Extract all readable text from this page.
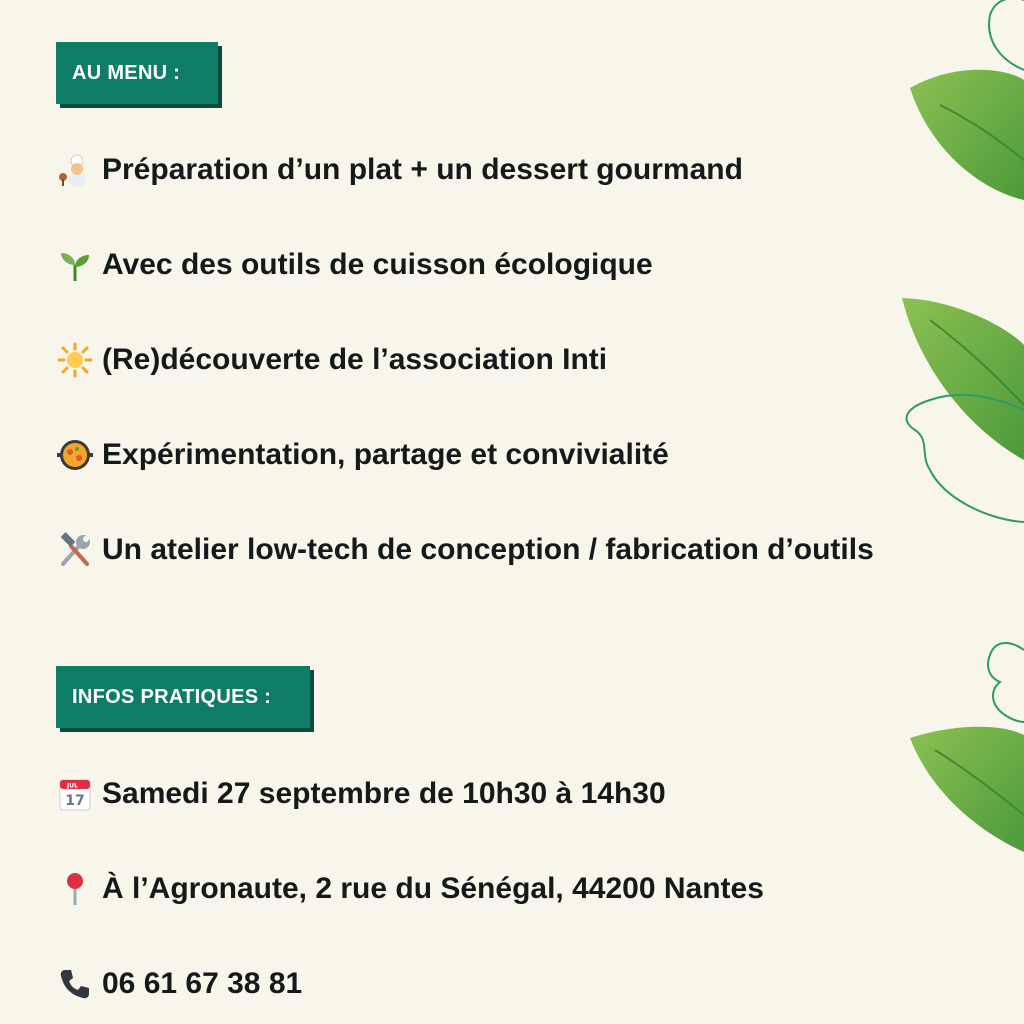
AU MENU :
Préparation d’un plat + un dessert gourmand
Avec des outils de cuisson écologique
(Re)découverte de l’association Inti
Expérimentation, partage et convivialité
Un atelier low-tech de conception / fabrication d’outils
INFOS PRATIQUES :
JUL
17 Samedi 27 septembre de 10h30 à 14h30
À l’Agronaute, 2 rue du Sénégal, 44200 Nantes
06 61 67 38 81
